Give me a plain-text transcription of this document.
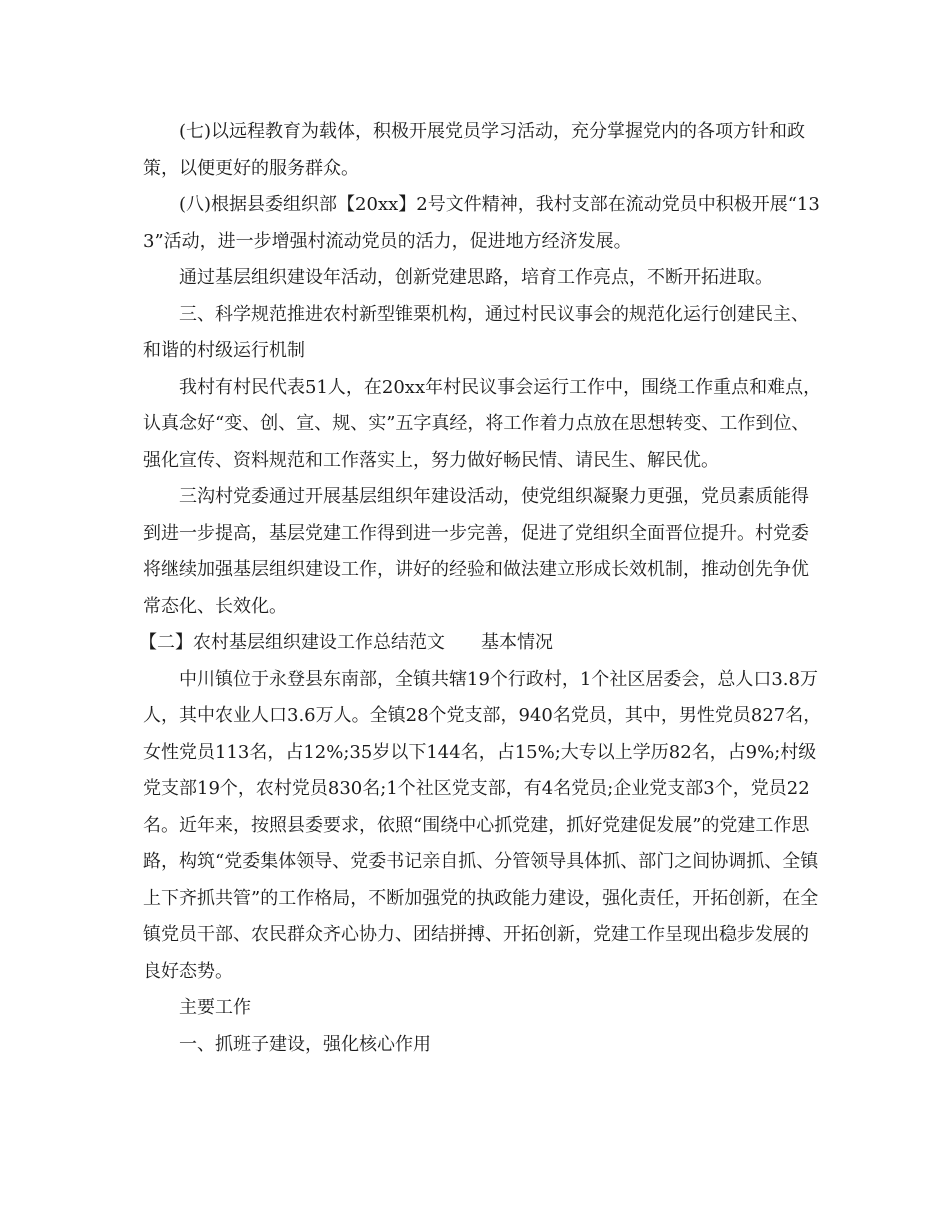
(七)以远程教育为载体，积极开展党员学习活动，充分掌握党内的各项方针和政策，以便更好的服务群众。

(八)根据县委组织部【20xx】2号文件精神，我村支部在流动党员中积极开展“133”活动，进一步增强村流动党员的活力，促进地方经济发展。

通过基层组织建设年活动，创新党建思路，培育工作亮点，不断开拓进取。

三、科学规范推进农村新型锥栗机构，通过村民议事会的规范化运行创建民主、和谐的村级运行机制

我村有村民代表51人，在20xx年村民议事会运行工作中，围绕工作重点和难点，认真念好“变、创、宣、规、实”五字真经，将工作着力点放在思想转变、工作到位、强化宣传、资料规范和工作落实上，努力做好畅民情、请民生、解民优。

三沟村党委通过开展基层组织年建设活动，使党组织凝聚力更强，党员素质能得到进一步提高，基层党建工作得到进一步完善，促进了党组织全面晋位提升。村党委将继续加强基层组织建设工作，讲好的经验和做法建立形成长效机制，推动创先争优常态化、长效化。

【二】农村基层组织建设工作总结范文　　基本情况

中川镇位于永登县东南部，全镇共辖19个行政村，1个社区居委会，总人口3.8万人，其中农业人口3.6万人。全镇28个党支部，940名党员，其中，男性党员827名，女性党员113名，占12%;35岁以下144名，占15%;大专以上学历82名，占9%;村级党支部19个，农村党员830名;1个社区党支部，有4名党员;企业党支部3个，党员22名。近年来，按照县委要求，依照“围绕中心抓党建，抓好党建促发展”的党建工作思路，构筑“党委集体领导、党委书记亲自抓、分管领导具体抓、部门之间协调抓、全镇上下齐抓共管”的工作格局，不断加强党的执政能力建设，强化责任，开拓创新，在全镇党员干部、农民群众齐心协力、团结拼搏、开拓创新，党建工作呈现出稳步发展的良好态势。

主要工作

一、抓班子建设，强化核心作用
